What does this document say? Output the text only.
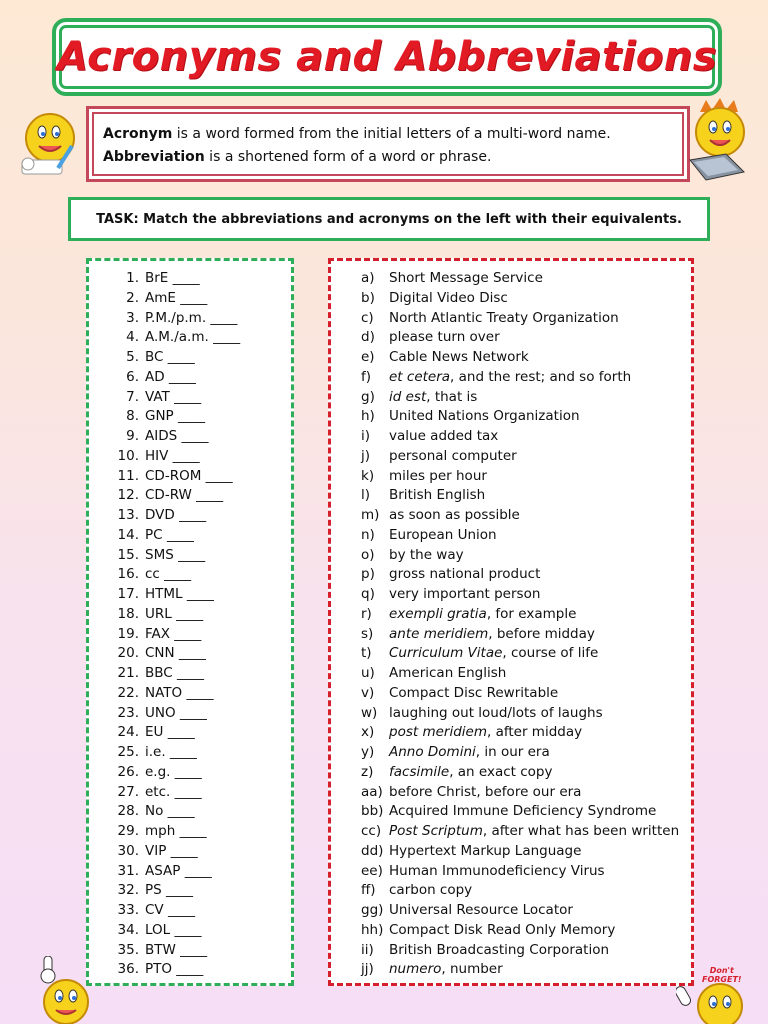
Acronyms and Abbreviations
Acronym is a word formed from the initial letters of a multi-word name.
Abbreviation is a shortened form of a word or phrase.
TASK: Match the abbreviations and acronyms on the left with their equivalents.
1. BrE ____
2. AmE ____
3. P.M./p.m. ____
4. A.M./a.m. ____
5. BC ____
6. AD ____
7. VAT ____
8. GNP ____
9. AIDS ____
10. HIV ____
11. CD-ROM ____
12. CD-RW ____
13. DVD ____
14. PC ____
15. SMS ____
16. cc ____
17. HTML ____
18. URL ____
19. FAX ____
20. CNN ____
21. BBC ____
22. NATO ____
23. UNO ____
24. EU ____
25. i.e. ____
26. e.g. ____
27. etc. ____
28. No ____
29. mph ____
30. VIP ____
31. ASAP ____
32. PS ____
33. CV ____
34. LOL ____
35. BTW ____
36. PTO ____
a) Short Message Service
b) Digital Video Disc
c) North Atlantic Treaty Organization
d) please turn over
e) Cable News Network
f) et cetera, and the rest; and so forth
g) id est, that is
h) United Nations Organization
i) value added tax
j) personal computer
k) miles per hour
l) British English
m) as soon as possible
n) European Union
o) by the way
p) gross national product
q) very important person
r) exempli gratia, for example
s) ante meridiem, before midday
t) Curriculum Vitae, course of life
u) American English
v) Compact Disc Rewritable
w) laughing out loud/lots of laughs
x) post meridiem, after midday
y) Anno Domini, in our era
z) facsimile, an exact copy
aa) before Christ, before our era
bb) Acquired Immune Deficiency Syndrome
cc) Post Scriptum, after what has been written
dd) Hypertext Markup Language
ee) Human Immunodeficiency Virus
ff) carbon copy
gg) Universal Resource Locator
hh) Compact Disk Read Only Memory
ii) British Broadcasting Corporation
jj) numero, number	Don't
FORGET!
